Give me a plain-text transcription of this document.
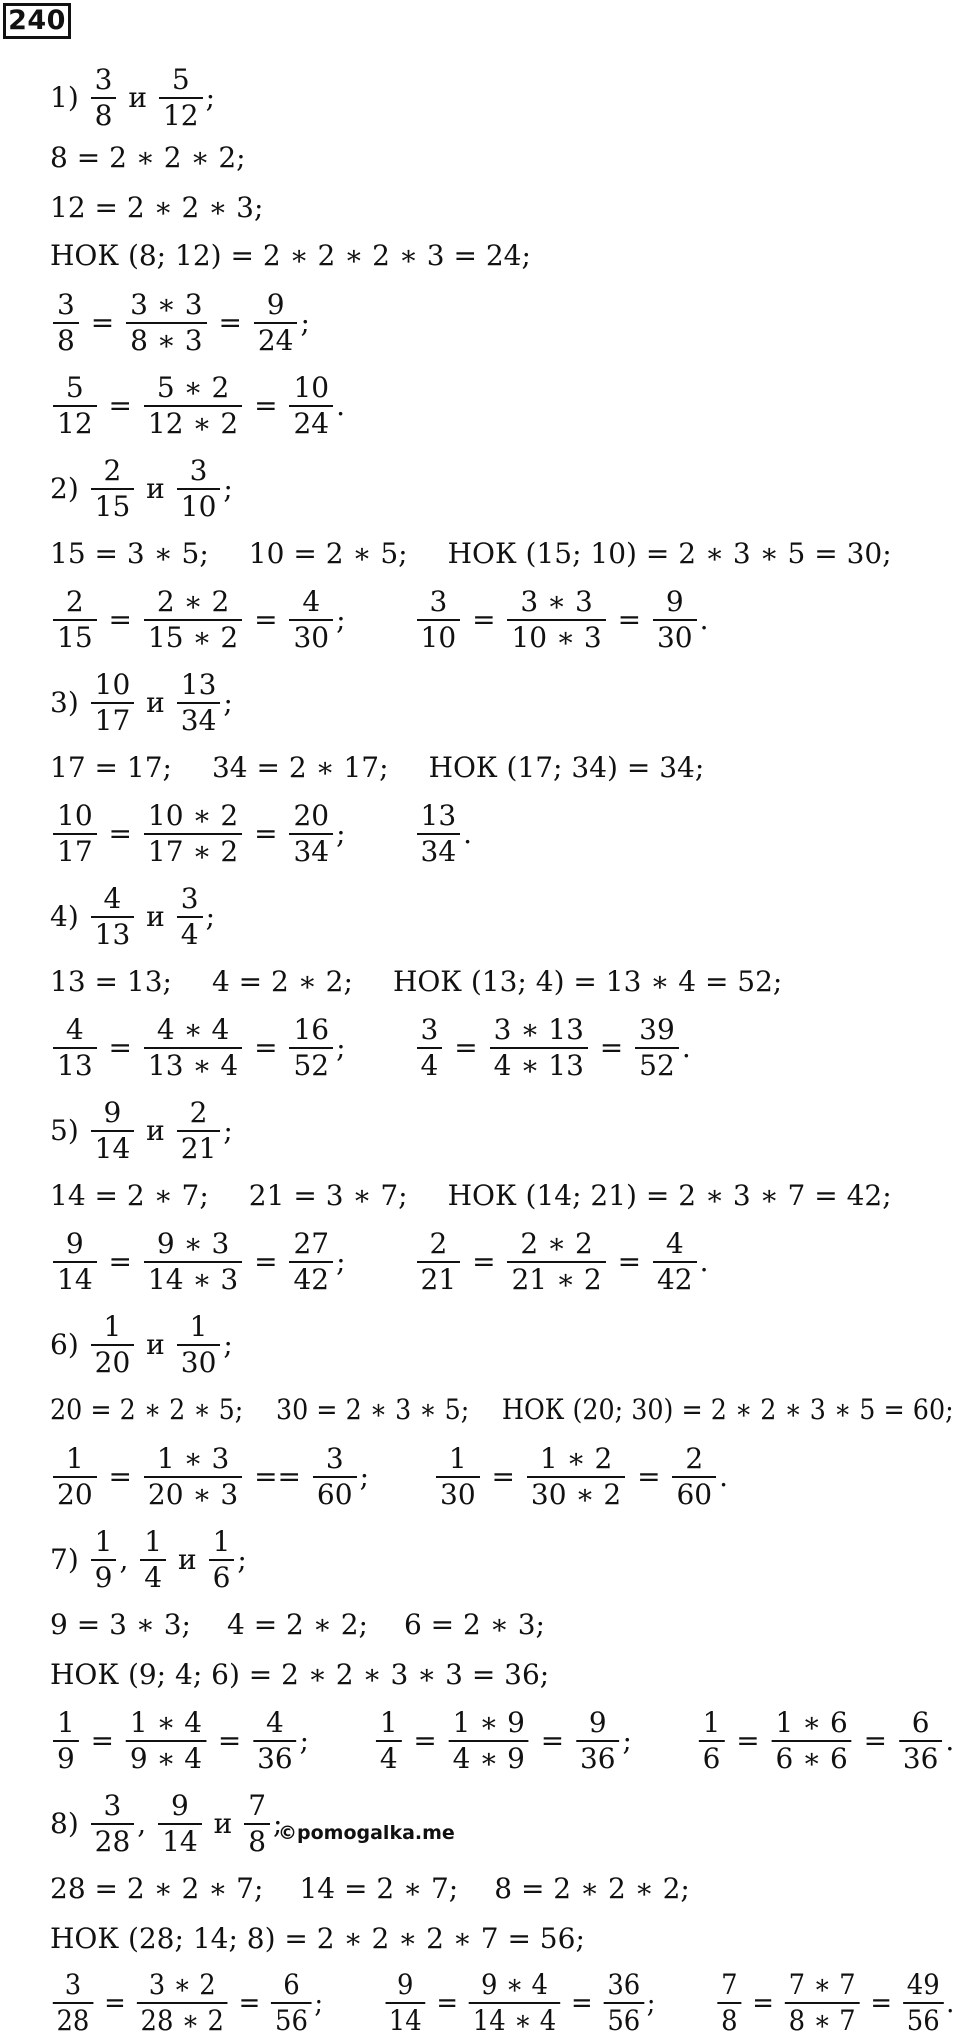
240
$1) \frac{3}{8}$ и $\frac{5}{12}$ ;
8 = 2 ∗ 2 ∗ 2;
12 = 2 ∗ 2 ∗ 3;
НОК (8; 12) = 2 ∗ 2 ∗ 2 ∗ 3 = 24;
$\frac{3}{8} = \frac{3 ∗ 3}{8 ∗ 3} = \frac{9}{24}$ ;
$\frac{5}{12} = \frac{5 ∗ 2}{12 ∗ 2} = \frac{10}{24}$ .
$2) \frac{2}{15}$ и $\frac{3}{10}$ ;
15 = 3 ∗ 5; 10 = 2 ∗ 5; НОК (15; 10) = 2 ∗ 3 ∗ 5 = 30;
$\frac{2}{15} = \frac{2 ∗ 2}{15 ∗ 2} = \frac{4}{30}$ ;	$\frac{3}{10} = \frac{3 ∗ 3}{10 ∗ 3} = \frac{9}{30}$ .
$3) \frac{10}{17}$ и $\frac{13}{34}$ ;
17 = 17; 34 = 2 ∗ 17; НОК (17; 34) = 34;
$\frac{10}{17} = \frac{10 ∗ 2}{17 ∗ 2} = \frac{20}{34}$ ;	$\frac{13}{34}$ .
$4) \frac{4}{13}$ и $\frac{3}{4}$ ;
13 = 13; 4 = 2 ∗ 2; НОК (13; 4) = 13 ∗ 4 = 52;
$\frac{4}{13} = \frac{4 ∗ 4}{13 ∗ 4} = \frac{16}{52}$ ;	$\frac{3}{4} = \frac{3 ∗ 13}{4 ∗ 13} = \frac{39}{52}$ .
$5) \frac{9}{14}$ и $\frac{2}{21}$ ;
14 = 2 ∗ 7; 21 = 3 ∗ 7; НОК (14; 21) = 2 ∗ 3 ∗ 7 = 42;
$\frac{9}{14} = \frac{9 ∗ 3}{14 ∗ 3} = \frac{27}{42}$ ;	$\frac{2}{21} = \frac{2 ∗ 2}{21 ∗ 2} = \frac{4}{42}$ .
$6) \frac{1}{20}$ и $\frac{1}{30}$ ;
20 = 2 ∗ 2 ∗ 5; 30 = 2 ∗ 3 ∗ 5; НОК (20; 30) = 2 ∗ 2 ∗ 3 ∗ 5 = 60;
$\frac{1}{20} = \frac{1 ∗ 3}{20 ∗ 3} == \frac{3}{60}$ ; $\frac{1}{30} = \frac{1 ∗ 2}{30 ∗ 2} = \frac{2}{60}$ .
$7) \frac{1}{9}$ , $\frac{1}{4}$ и $\frac{1}{6}$ ;
9 = 3 ∗ 3; 4 = 2 ∗ 2; 6 = 2 ∗ 3;
НОК (9; 4; 6) = 2 ∗ 2 ∗ 3 ∗ 3 = 36;
$\frac{1}{9} = \frac{1 ∗ 4}{9 ∗ 4} = \frac{4}{36}$ ; $\frac{1}{4} = \frac{1 ∗ 9}{4 ∗ 9} = \frac{9}{36}$ ; $\frac{1}{6} = \frac{1 ∗ 6}{6 ∗ 6} = \frac{6}{36}$ .
$8) \frac{3}{28}$ , $\frac{9}{14}$ и $\frac{7}{8}$ ;
28 = 2 ∗ 2 ∗ 7; 14 = 2 ∗ 7; 8 = 2 ∗ 2 ∗ 2;
НОК (28; 14; 8) = 2 ∗ 2 ∗ 2 ∗ 7 = 56;
$\frac{3}{28} = \frac{3 ∗ 2}{28 ∗ 2} = \frac{6}{56}$ ; $\frac{9}{14} = \frac{9 ∗ 4}{14 ∗ 4} = \frac{36}{56}$ ; $\frac{7}{8} = \frac{7 ∗ 7}{8 ∗ 7} = \frac{49}{56}$ .
©pomogalka.me
